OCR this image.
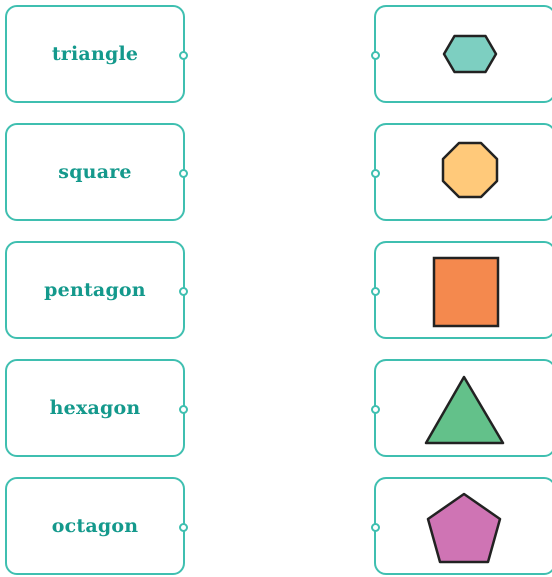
triangle
square
pentagon
hexagon
octagon
